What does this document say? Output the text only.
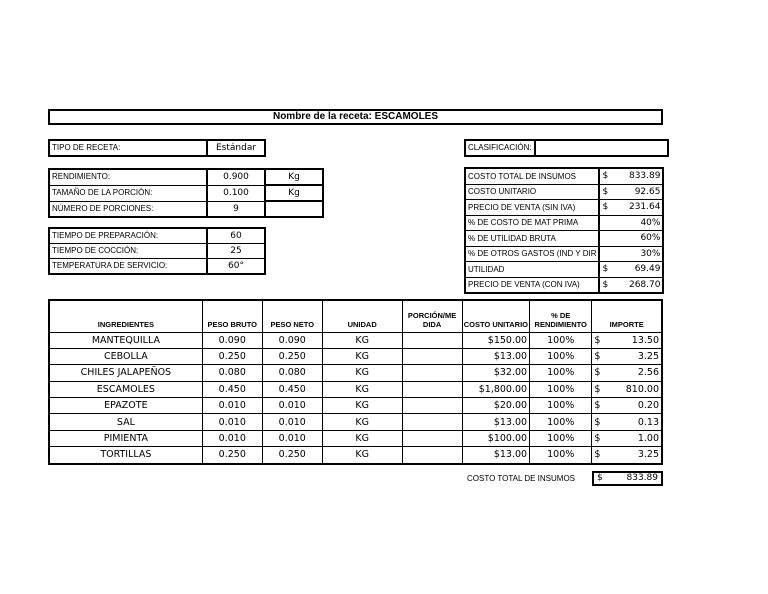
Nombre de la receta: ESCAMOLES
TIPO DE RECETA:	Estándar	CLASIFICACIÓN:	
RENDIMIENTO:	0.900	Kg
TAMAÑO DE LA PORCIÓN:	0.100	Kg
NÚMERO DE PORCIONES:	9	
TIEMPO DE PREPARACIÓN:	60
TIEMPO DE COCCIÓN:	25
TEMPERATURA DE SERVICIO:	60°
COSTO TOTAL DE INSUMOS	$ 833.89

COSTO UNITARIO	$ 92.65

PRECIO DE VENTA (SIN IVA)	$ 231.64

% DE COSTO DE MAT PRIMA	40%

% DE UTILIDAD BRUTA	60%

% DE OTROS GASTOS (IND Y DIR	30%

UTILIDAD	$ 69.49

PRECIO DE VENTA (CON IVA)	$ 268.70
INGREDIENTES	PESO BRUTO	PESO NETO	UNIDAD	PORCIÓN/ME DIDA	COSTO UNITARIO	% DE RENDIMIENTO	IMPORTE
MANTEQUILLA	0.090	0.090	KG		$150.00	100%	$ 13.50

CEBOLLA	0.250	0.250	KG		$13.00	100%	$ 3.25

CHILES JALAPEÑOS	0.080	0.080	KG		$32.00	100%	$ 2.56

ESCAMOLES	0.450	0.450	KG		$1,800.00	100%	$ 810.00

EPAZOTE	0.010	0.010	KG		$20.00	100%	$ 0.20

SAL	0.010	0.010	KG		$13.00	100%	$ 0.13

PIMIENTA	0.010	0.010	KG		$100.00	100%	$ 1.00

TORTILLAS	0.250	0.250	KG		$13.00	100%	$ 3.25
COSTO TOTAL DE INSUMOS $	833.89
